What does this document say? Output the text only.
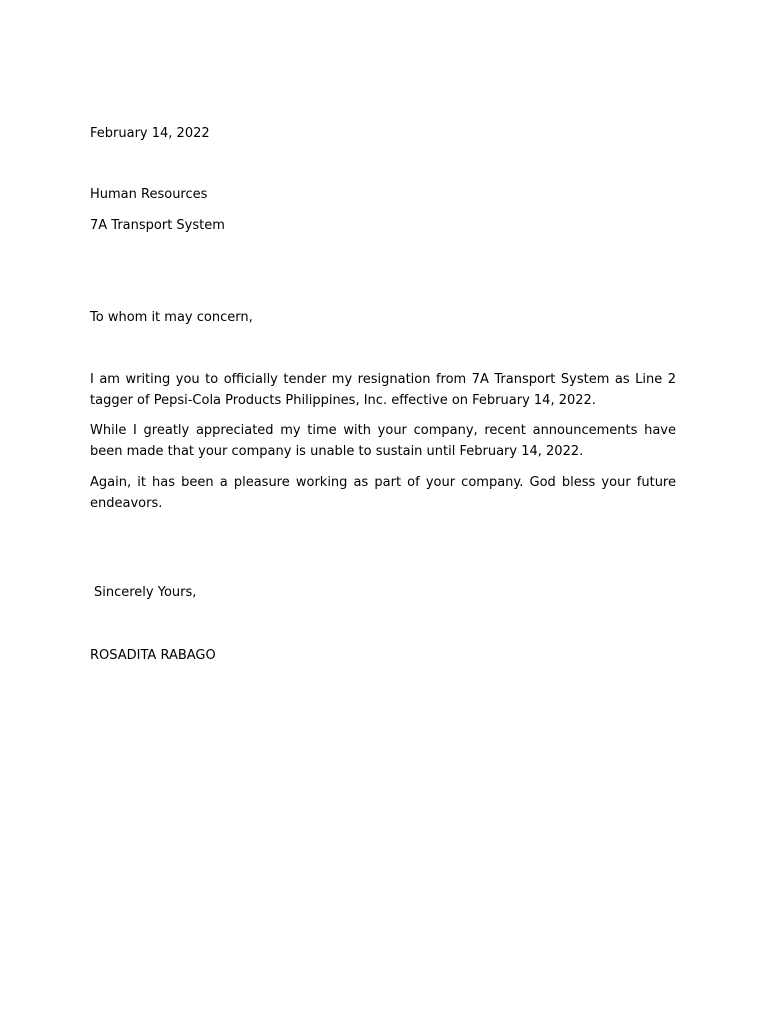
February 14, 2022
Human Resources
7A Transport System
To whom it may concern,
I am writing you to officially tender my resignation from 7A Transport System as Line 2 tagger of Pepsi-Cola Products Philippines, Inc. effective on February 14, 2022.
While I greatly appreciated my time with your company, recent announcements have been made that your company is unable to sustain until February 14, 2022.
Again, it has been a pleasure working as part of your company. God bless your future endeavors.
Sincerely Yours,
ROSADITA RABAGO
